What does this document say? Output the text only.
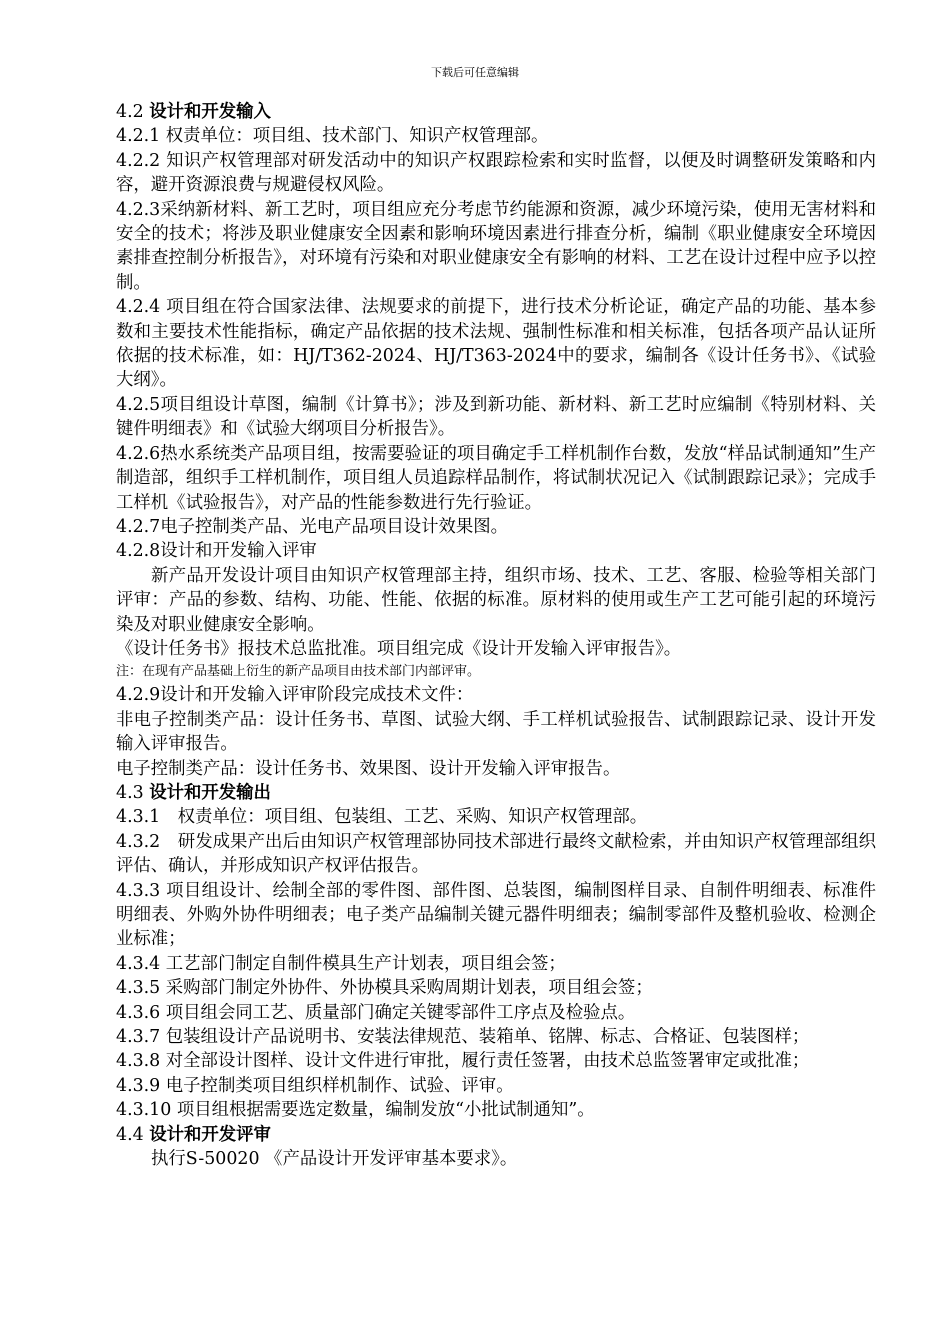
下载后可任意编辑

4.2 设计和开发输入

4.2.1 权责单位：项目组、技术部门、知识产权管理部。

4.2.2 知识产权管理部对研发活动中的知识产权跟踪检索和实时监督，以便及时调整研发策略和内容，避开资源浪费与规避侵权风险。

4.2.3采纳新材料、新工艺时，项目组应充分考虑节约能源和资源，减少环境污染，使用无害材料和安全的技术；将涉及职业健康安全因素和影响环境因素进行排查分析，编制《职业健康安全环境因素排查控制分析报告》，对环境有污染和对职业健康安全有影响的材料、工艺在设计过程中应予以控制。

4.2.4 项目组在符合国家法律、法规要求的前提下，进行技术分析论证，确定产品的功能、基本参数和主要技术性能指标，确定产品依据的技术法规、强制性标准和相关标准，包括各项产品认证所依据的技术标准，如：HJ/T362-2024、HJ/T363-2024中的要求，编制各《设计任务书》、《试验大纲》。

4.2.5项目组设计草图，编制《计算书》；涉及到新功能、新材料、新工艺时应编制《特别材料、关键件明细表》和《试验大纲项目分析报告》。

4.2.6热水系统类产品项目组，按需要验证的项目确定手工样机制作台数，发放“样品试制通知”生产制造部，组织手工样机制作，项目组人员追踪样品制作，将试制状况记入《试制跟踪记录》；完成手工样机《试验报告》，对产品的性能参数进行先行验证。

4.2.7电子控制类产品、光电产品项目设计效果图。

4.2.8设计和开发输入评审

新产品开发设计项目由知识产权管理部主持，组织市场、技术、工艺、客服、检验等相关部门评审：产品的参数、结构、功能、性能、依据的标准。原材料的使用或生产工艺可能引起的环境污染及对职业健康安全影响。

《设计任务书》报技术总监批准。项目组完成《设计开发输入评审报告》。

注：在现有产品基础上衍生的新产品项目由技术部门内部评审。

4.2.9设计和开发输入评审阶段完成技术文件：

非电子控制类产品：设计任务书、草图、试验大纲、手工样机试验报告、试制跟踪记录、设计开发输入评审报告。

电子控制类产品：设计任务书、效果图、设计开发输入评审报告。

4.3 设计和开发输出

4.3.1　权责单位：项目组、包装组、工艺、采购、知识产权管理部。

4.3.2　研发成果产出后由知识产权管理部协同技术部进行最终文献检索，并由知识产权管理部组织评估、确认，并形成知识产权评估报告。

4.3.3 项目组设计、绘制全部的零件图、部件图、总装图，编制图样目录、自制件明细表、标准件明细表、外购外协件明细表；电子类产品编制关键元器件明细表；编制零部件及整机验收、检测企业标准；

4.3.4 工艺部门制定自制件模具生产计划表，项目组会签；

4.3.5 采购部门制定外协件、外协模具采购周期计划表，项目组会签；

4.3.6 项目组会同工艺、质量部门确定关键零部件工序点及检验点。

4.3.7 包装组设计产品说明书、安装法律规范、装箱单、铭牌、标志、合格证、包装图样；

4.3.8 对全部设计图样、设计文件进行审批，履行责任签署，由技术总监签署审定或批准；

4.3.9 电子控制类项目组织样机制作、试验、评审。

4.3.10 项目组根据需要选定数量，编制发放“小批试制通知”。

4.4 设计和开发评审

执行S-50020 《产品设计开发评审基本要求》。
